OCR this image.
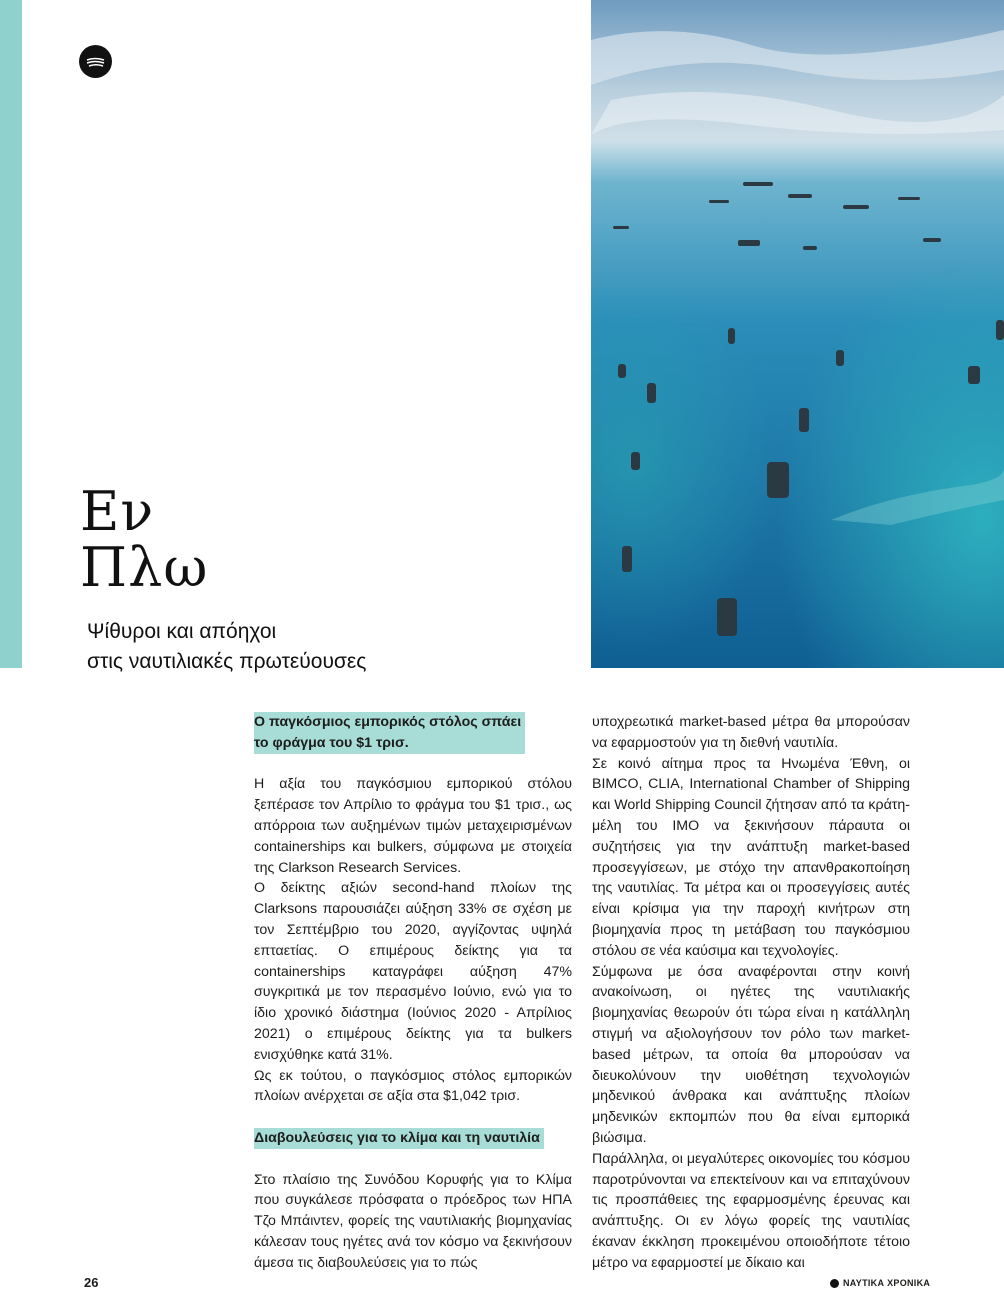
Εν
Πλω
Ψίθυροι και απόηχοι
στις ναυτιλιακές πρωτεύουσες
Ο παγκόσμιος εμπορικός στόλος σπάει
το φράγμα του $1 τρισ.

Η αξία του παγκόσμιου εμπορικού στόλου ξεπέρασε τον Απρίλιο το φράγμα του $1 τρισ., ως απόρροια των αυξημένων τιμών μεταχειρισμένων containerships και bulkers, σύμφωνα με στοιχεία της Clarkson Research Services.

Ο δείκτης αξιών second-hand πλοίων της Clarksons παρουσιάζει αύξηση 33% σε σχέση με τον Σεπτέμβριο του 2020, αγγίζοντας υψηλά επταετίας. Ο επιμέρους δείκτης για τα containerships καταγράφει αύξηση 47% συγκριτικά με τον περασμένο Ιούνιο, ενώ για το ίδιο χρονικό διάστημα (Ιούνιος 2020 - Απρίλιος 2021) ο επιμέρους δείκτης για τα bulkers ενισχύθηκε κατά 31%.

Ως εκ τούτου, ο παγκόσμιος στόλος εμπορικών πλοίων ανέρχεται σε αξία στα $1,042 τρισ.

Διαβουλεύσεις για το κλίμα και τη ναυτιλία

Στο πλαίσιο της Συνόδου Κορυφής για το Κλίμα που συγκάλεσε πρόσφατα ο πρόεδρος των ΗΠΑ Τζο Μπάιντεν, φορείς της ναυτιλιακής βιομηχανίας κάλεσαν τους ηγέτες ανά τον κόσμο να ξεκινήσουν άμεσα τις διαβουλεύσεις για το πώς

υποχρεωτικά market-based μέτρα θα μπορούσαν να εφαρμοστούν για τη διεθνή ναυτιλία.

Σε κοινό αίτημα προς τα Ηνωμένα Έθνη, οι BIMCO, CLIA, International Chamber of Shipping και World Shipping Council ζήτησαν από τα κράτη-μέλη του IMO να ξεκινήσουν πάραυτα οι συζητήσεις για την ανάπτυξη market-based προσεγγίσεων, με στόχο την απανθρακοποίηση της ναυτιλίας. Τα μέτρα και οι προσεγγίσεις αυτές είναι κρίσιμα για την παροχή κινήτρων στη βιομηχανία προς τη μετάβαση του παγκόσμιου στόλου σε νέα καύσιμα και τεχνολογίες.

Σύμφωνα με όσα αναφέρονται στην κοινή ανακοίνωση, οι ηγέτες της ναυτιλιακής βιομηχανίας θεωρούν ότι τώρα είναι η κατάλληλη στιγμή να αξιολογήσουν τον ρόλο των market-based μέτρων, τα οποία θα μπορούσαν να διευκολύνουν την υιοθέτηση τεχνολογιών μηδενικού άνθρακα και ανάπτυξης πλοίων μηδενικών εκπομπών που θα είναι εμπορικά βιώσιμα.

Παράλληλα, οι μεγαλύτερες οικονομίες του κόσμου παροτρύνονται να επεκτείνουν και να επιταχύνουν τις προσπάθειες της εφαρμοσμένης έρευνας και ανάπτυξης. Οι εν λόγω φορείς της ναυτιλίας έκαναν έκκληση προκειμένου οποιοδήποτε τέτοιο μέτρο να εφαρμοστεί με δίκαιο και

26	ΝΑΥΤΙΚΑ ΧΡΟΝΙΚΑ
